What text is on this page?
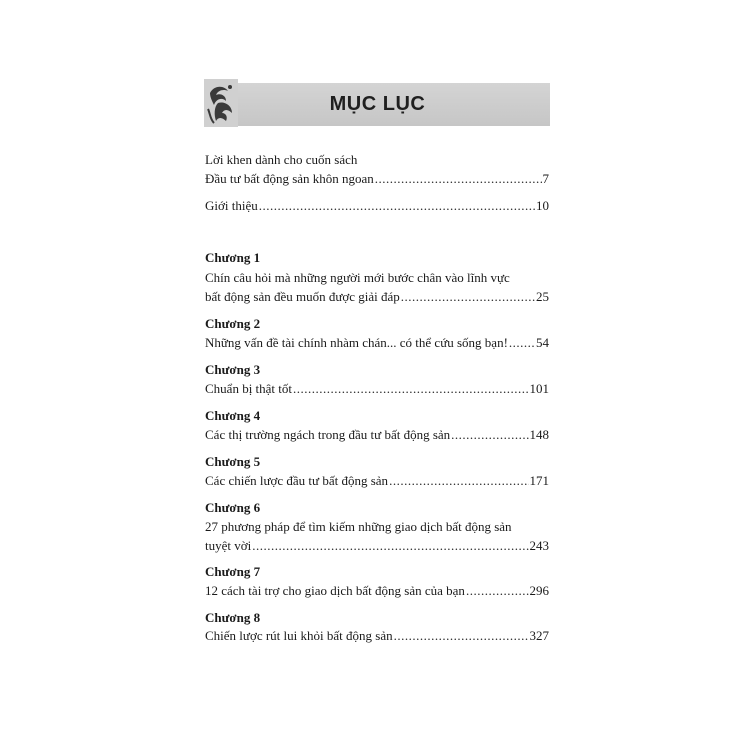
MỤC LỤC
Lời khen dành cho cuốn sách
Đầu tư bất động sản khôn ngoan .....	7
Giới thiệu .....	10
Chương 1
Chín câu hỏi mà những người mới bước chân vào lĩnh vực
bất động sản đều muốn được giải đáp .....	25
Chương 2
Những vấn đề tài chính nhàm chán... có thể cứu sống bạn! ..... 54
Chương 3
Chuẩn bị thật tốt .....	101
Chương 4
Các thị trường ngách trong đầu tư bất động sản .....	148
Chương 5
Các chiến lược đầu tư bất động sản .....	171
Chương 6
27 phương pháp để tìm kiếm những giao dịch bất động sản
tuyệt vời .....	243
Chương 7
12 cách tài trợ cho giao dịch bất động sản của bạn .....	296
Chương 8
Chiến lược rút lui khỏi bất động sản .....	327
